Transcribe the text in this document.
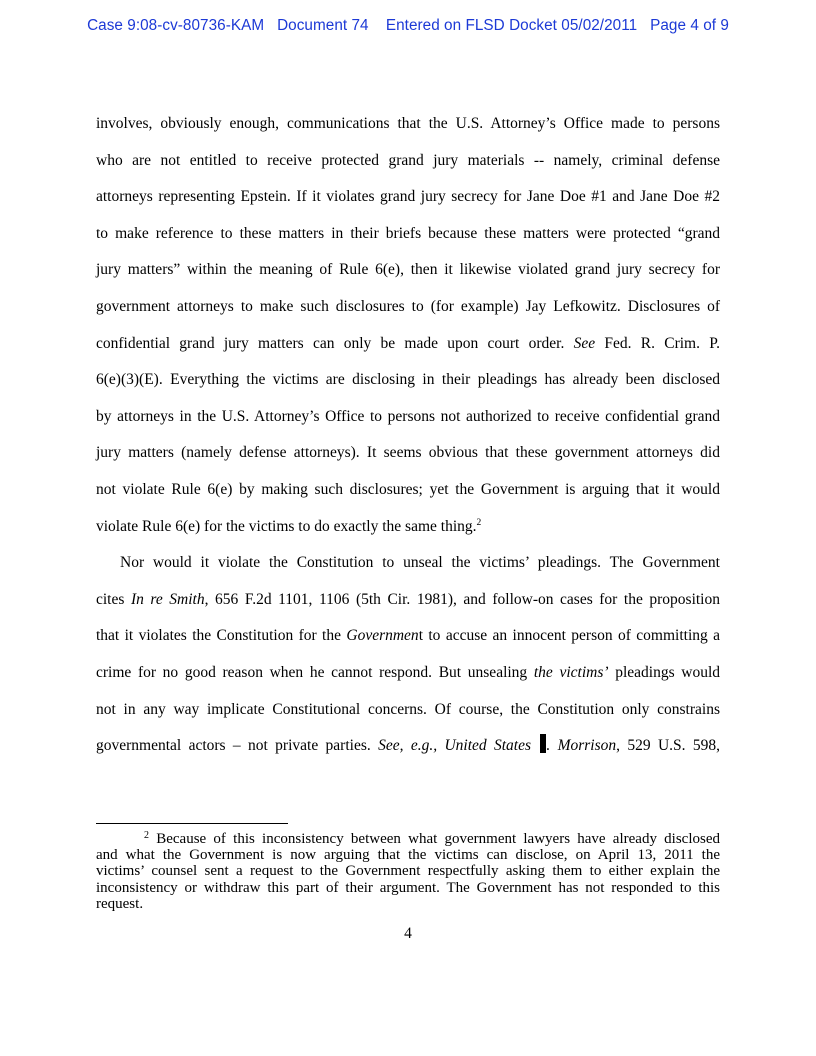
Case 9:08-cv-80736-KAM Document 74 Entered on FLSD Docket 05/02/2011 Page 4 of 9
involves, obviously enough, communications that the U.S. Attorney’s Office made to persons
who are not entitled to receive protected grand jury materials -- namely, criminal defense
attorneys representing Epstein. If it violates grand jury secrecy for Jane Doe #1 and Jane Doe #2
to make reference to these matters in their briefs because these matters were protected “grand
jury matters” within the meaning of Rule 6(e), then it likewise violated grand jury secrecy for
government attorneys to make such disclosures to (for example) Jay Lefkowitz. Disclosures of
confidential grand jury matters can only be made upon court order. See Fed. R. Crim. P.
6(e)(3)(E). Everything the victims are disclosing in their pleadings has already been disclosed
by attorneys in the U.S. Attorney’s Office to persons not authorized to receive confidential grand
jury matters (namely defense attorneys). It seems obvious that these government attorneys did
not violate Rule 6(e) by making such disclosures; yet the Government is arguing that it would
violate Rule 6(e) for the victims to do exactly the same thing.$^2$
Nor would it violate the Constitution to unseal the victims’ pleadings. The Government
cites In re Smith, 656 F.2d 1101, 1106 (5th Cir. 1981), and follow-on cases for the proposition
that it violates the Constitution for the Government to accuse an innocent person of committing a
crime for no good reason when he cannot respond. But unsealing the victims’ pleadings would
not in any way implicate Constitutional concerns. Of course, the Constitution only constrains
governmental actors – not private parties. See, e.g., United States . Morrison, 529 U.S. 598,
$^2$ Because of this inconsistency between what government lawyers have already disclosed
and what the Government is now arguing that the victims can disclose, on April 13, 2011 the
victims’ counsel sent a request to the Government respectfully asking them to either explain the
inconsistency or withdraw this part of their argument. The Government has not responded to this
request.
4
